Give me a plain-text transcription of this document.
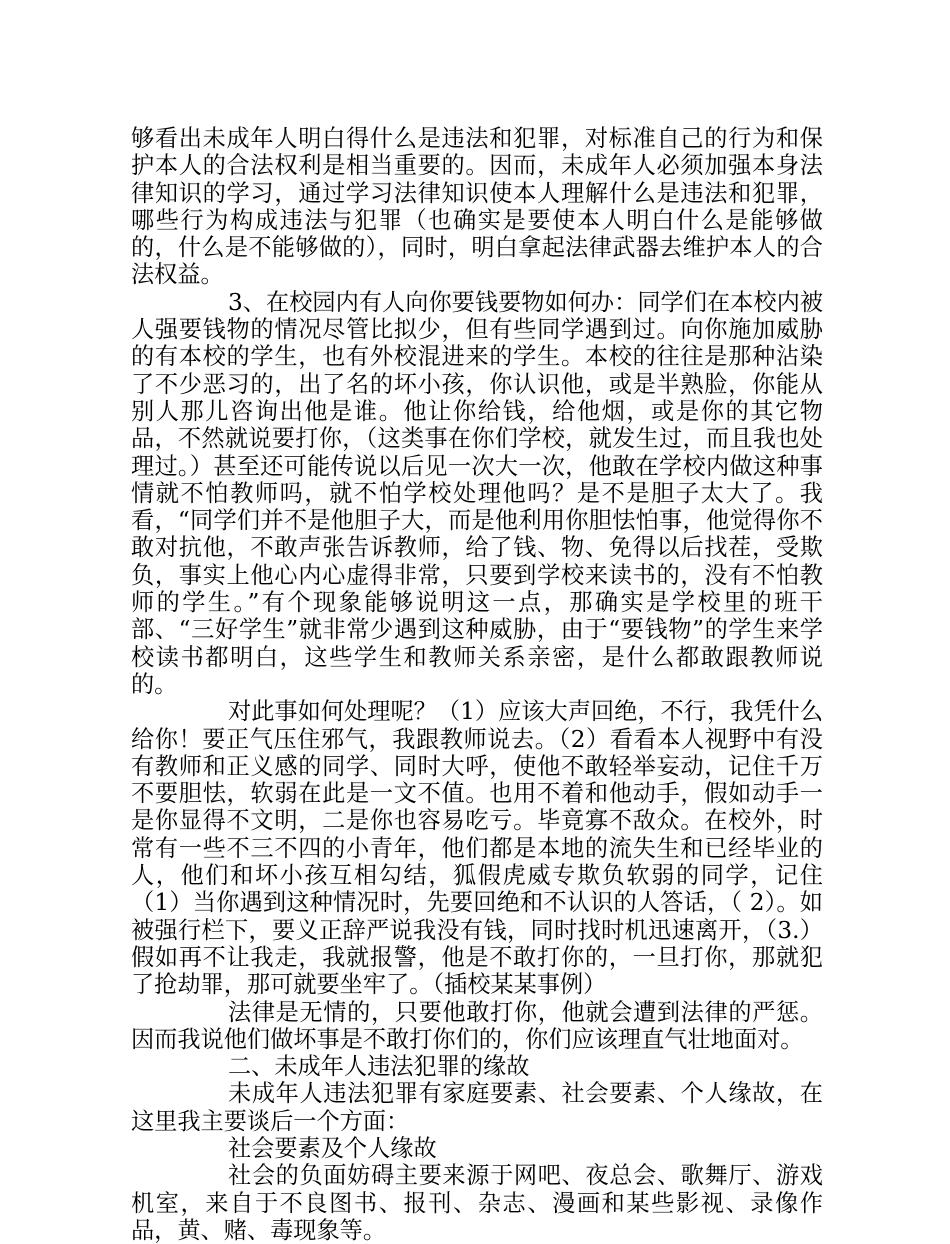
够看出未成年人明白得什么是违法和犯罪，对标准自己的行为和保护本人的合法权利是相当重要的。因而，未成年人必须加强本身法律知识的学习，通过学习法律知识使本人理解什么是违法和犯罪，哪些行为构成违法与犯罪（也确实是要使本人明白什么是能够做的，什么是不能够做的），同时，明白拿起法律武器去维护本人的合法权益。

3、在校园内有人向你要钱要物如何办：同学们在本校内被人强要钱物的情况尽管比拟少，但有些同学遇到过。向你施加威胁的有本校的学生，也有外校混进来的学生。本校的往往是那种沾染了不少恶习的，出了名的坏小孩，你认识他，或是半熟脸，你能从别人那儿咨询出他是谁。他让你给钱，给他烟，或是你的其它物品，不然就说要打你，（这类事在你们学校，就发生过，而且我也处理过。）甚至还可能传说以后见一次大一次，他敢在学校内做这种事情就不怕教师吗，就不怕学校处理他吗？是不是胆子太大了。我看，“同学们并不是他胆子大，而是他利用你胆怯怕事，他觉得你不敢对抗他，不敢声张告诉教师，给了钱、物、免得以后找茬，受欺负，事实上他心内心虚得非常，只要到学校来读书的，没有不怕教师的学生。”有个现象能够说明这一点，那确实是学校里的班干部、“三好学生”就非常少遇到这种威胁，由于“要钱物”的学生来学校读书都明白，这些学生和教师关系亲密，是什么都敢跟教师说的。

对此事如何处理呢？（1）应该大声回绝，不行，我凭什么给你！要正气压住邪气，我跟教师说去。（2）看看本人视野中有没有教师和正义感的同学、同时大呼，使他不敢轻举妄动，记住千万不要胆怯，软弱在此是一文不值。也用不着和他动手，假如动手一是你显得不文明，二是你也容易吃亏。毕竟寡不敌众。在校外，时常有一些不三不四的小青年，他们都是本地的流失生和已经毕业的人，他们和坏小孩互相勾结，狐假虎威专欺负软弱的同学，记住（1）当你遇到这种情况时，先要回绝和不认识的人答话，（ 2）。如被强行栏下，要义正辞严说我没有钱，同时找时机迅速离开，（3.）假如再不让我走，我就报警，他是不敢打你的，一旦打你，那就犯了抢劫罪，那可就要坐牢了。（插校某某事例）

法律是无情的，只要他敢打你，他就会遭到法律的严惩。因而我说他们做坏事是不敢打你们的，你们应该理直气壮地面对。

二、未成年人违法犯罪的缘故

未成年人违法犯罪有家庭要素、社会要素、个人缘故，在这里我主要谈后一个方面：

社会要素及个人缘故

社会的负面妨碍主要来源于网吧、夜总会、歌舞厅、游戏机室，来自于不良图书、报刊、杂志、漫画和某些影视、录像作品，黄、赌、毒现象等。
